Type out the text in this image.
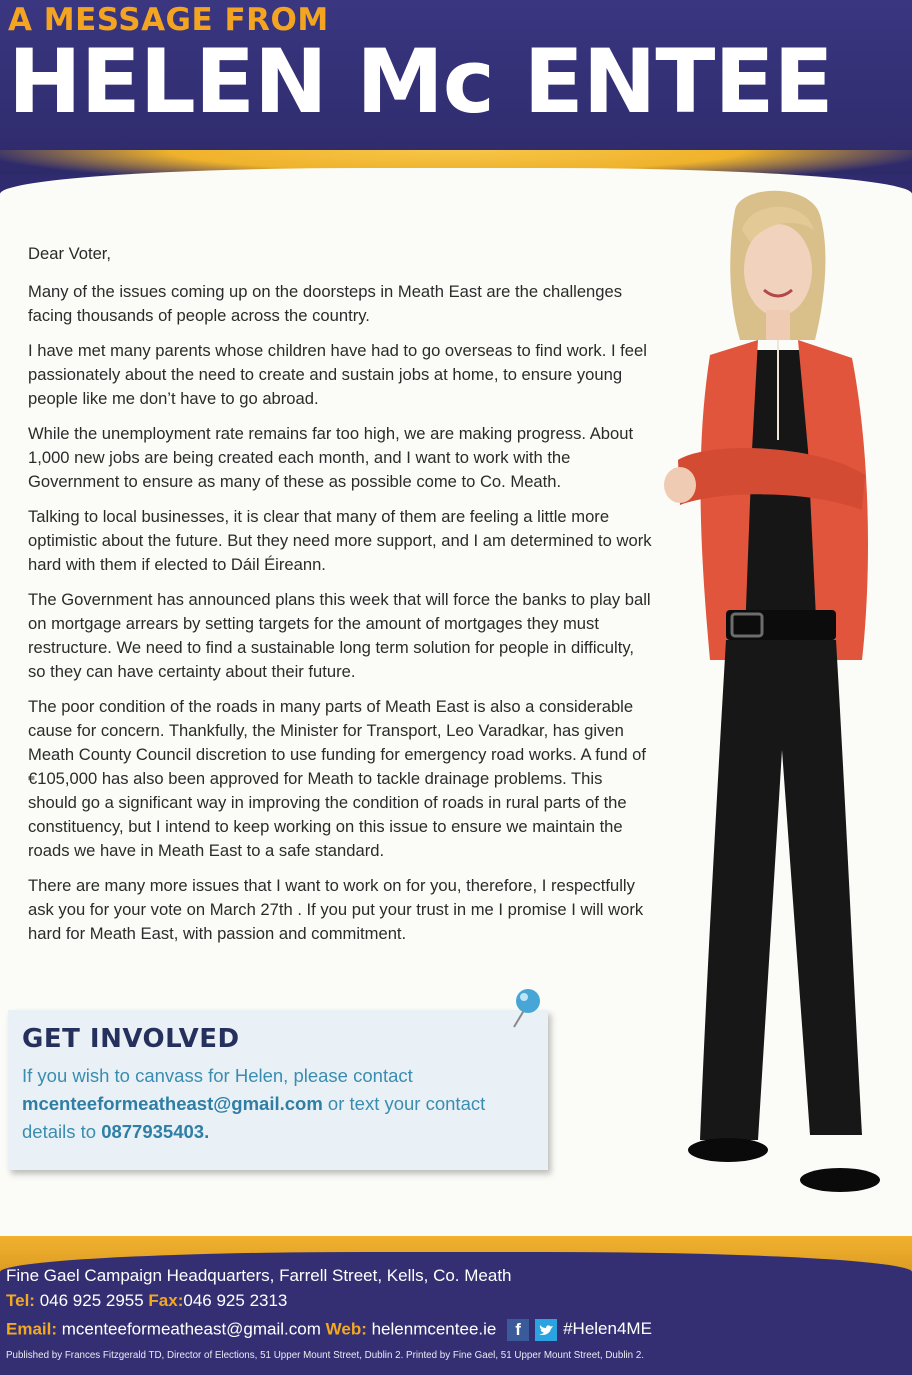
A MESSAGE FROM
HELEN Mc ENTEE

Dear Voter,

Many of the issues coming up on the doorsteps in Meath East are the challenges facing thousands of people across the country.

I have met many parents whose children have had to go overseas to find work. I feel passionately about the need to create and sustain jobs at home, to ensure young people like me don’t have to go abroad.

While the unemployment rate remains far too high, we are making progress. About 1,000 new jobs are being created each month, and I want to work with the Government to ensure as many of these as possible come to Co. Meath.

Talking to local businesses, it is clear that many of them are feeling a little more optimistic about the future. But they need more support, and I am determined to work hard with them if elected to Dáil Éireann.

The Government has announced plans this week that will force the banks to play ball on mortgage arrears by setting targets for the amount of mortgages they must restructure. We need to find a sustainable long term solution for people in difficulty, so they can have certainty about their future.

The poor condition of the roads in many parts of Meath East is also a considerable cause for concern. Thankfully, the Minister for Transport, Leo Varadkar, has given Meath County Council discretion to use funding for emergency road works. A fund of €105,000 has also been approved for Meath to tackle drainage problems. This should go a significant way in improving the condition of roads in rural parts of the constituency, but I intend to keep working on this issue to ensure we maintain the roads we have in Meath East to a safe standard.

There are many more issues that I want to work on for you, therefore, I respectfully ask you for your vote on March 27th . If you put your trust in me I promise I will work hard for Meath East, with passion and commitment.

GET INVOLVED
If you wish to canvass for Helen, please contact
mcenteeformeatheast@gmail.com or text your contact
details to 0877935403.
Fine Gael Campaign Headquarters, Farrell Street, Kells, Co. Meath
Tel: 046 925 2955 Fax:046 925 2313
Email: mcenteeformeatheast@gmail.com Web: helenmcentee.ie f #Helen4ME
Published by Frances Fitzgerald TD, Director of Elections, 51 Upper Mount Street, Dublin 2. Printed by Fine Gael, 51 Upper Mount Street, Dublin 2.
